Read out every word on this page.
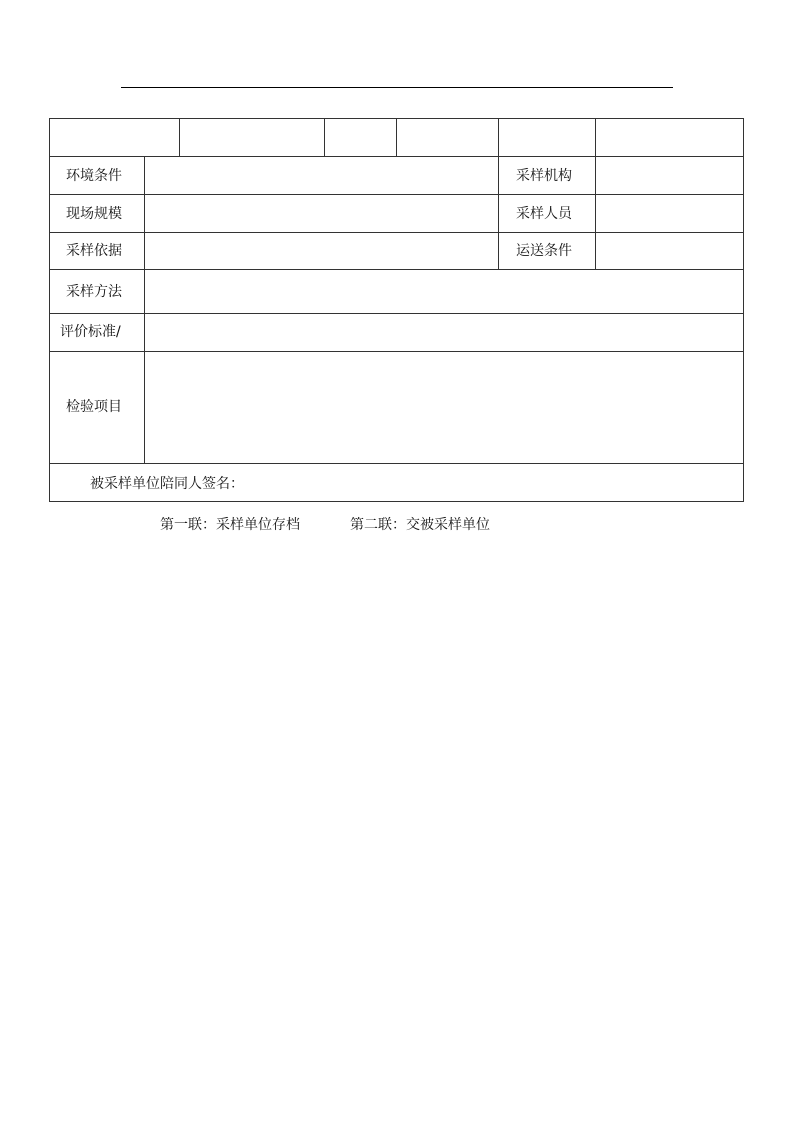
环境条件	采样机构
现场规模	采样人员
采样依据	运送条件
采样方法
评价标准/
检验项目
被采样单位陪同人签名：
第一联：采样单位存档	第二联：交被采样单位
